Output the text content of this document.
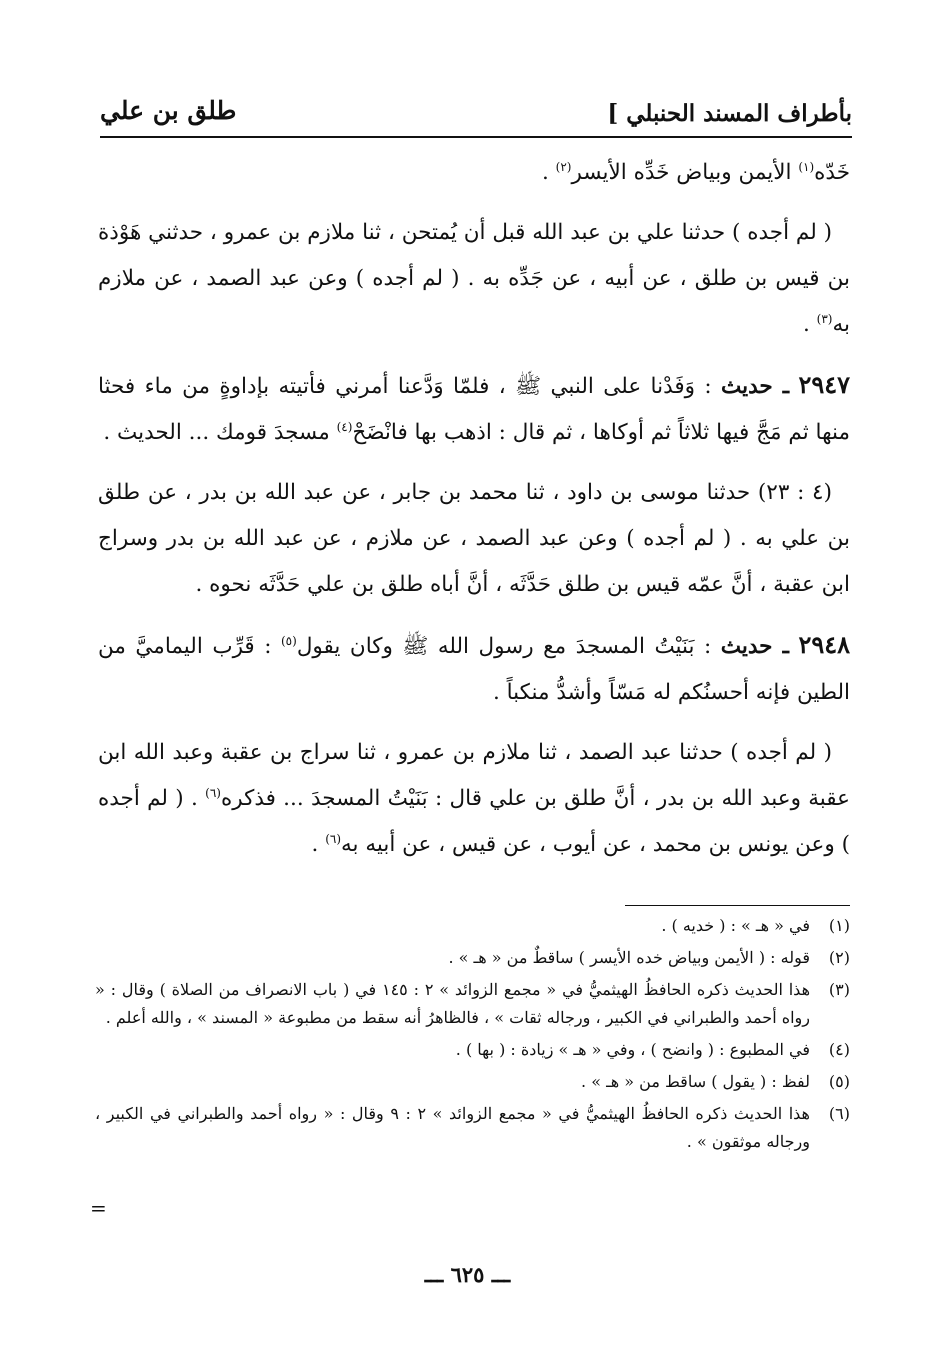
بأطراف المسند الحنبلي ]
طلق بن علي

خَدّه$^{(١)}$ الأيمن وبياض خَدِّه الأيسر$^{(٢)}$ .

( لم أجده ) حدثنا علي بن عبد الله قبل أن يُمتحن ، ثنا ملازم بن عمرو ، حدثني هَوْذة بن قيس بن طلق ، عن أبيه ، عن جَدِّه به . ( لم أجده ) وعن عبد الصمد ، عن ملازم به$^{(٣)}$ .

٢٩٤٧ ـ حديث : وَفَدْنا على النبي ﷺ ، فلمّا وَدَّعنا أمرني فأتيته بإداوةٍ من ماء فحثا منها ثم مَجَّ فيها ثلاثاً ثم أوكاها ، ثم قال : اذهب بها فانْضَحْ$^{(٤)}$ مسجدَ قومك ... الحديث .

(٤ : ٢٣) حدثنا موسى بن داود ، ثنا محمد بن جابر ، عن عبد الله بن بدر ، عن طلق بن علي به . ( لم أجده ) وعن عبد الصمد ، عن ملازم ، عن عبد الله بن بدر وسراج ابن عقبة ، أنَّ عمّه قيس بن طلق حَدَّثَه ، أنَّ أباه طلق بن علي حَدَّثَه نحوه .

٢٩٤٨ ـ حديث : بَنَيْتُ المسجدَ مع رسول الله ﷺ وكان يقول$^{(٥)}$ : قَرِّب اليماميَّ من الطين فإنه أحسنُكم له مَسّاً وأشدُّ منكباً .

( لم أجده ) حدثنا عبد الصمد ، ثنا ملازم بن عمرو ، ثنا سراج بن عقبة وعبد الله ابن عقبة وعبد الله بن بدر ، أنَّ طلق بن علي قال : بَنَيْتُ المسجدَ ... فذكره$^{(٦)}$ . ( لم أجده ) وعن يونس بن محمد ، عن أيوب ، عن قيس ، عن أبيه به$^{(٦)}$ .

(١)
في « هـ » : ( خديه ) .
(٢)
قوله : ( الأيمن وبياض خده الأيسر ) ساقطٌ من « هـ » .
(٣)
هذا الحديث ذكره الحافظُ الهيثميُّ في « مجمع الزوائد » ٢ : ١٤٥ في ( باب الانصراف من الصلاة ) وقال : « رواه أحمد والطبراني في الكبير ، ورجاله ثقات » ، فالظاهرُ أنه سقط من مطبوعة « المسند » ، والله أعلم .
(٤)
في المطبوع : ( وانضح ) ، وفي « هـ » زيادة : ( بها ) .
(٥)
لفظ : ( يقول ) ساقط من « هـ » .
(٦)
هذا الحديث ذكره الحافظُ الهيثميُّ في « مجمع الزوائد » ٢ : ٩ وقال : « رواه أحمد والطبراني في الكبير ، ورجاله موثقون » .
=
ـــ ٦٢٥ ـــ
